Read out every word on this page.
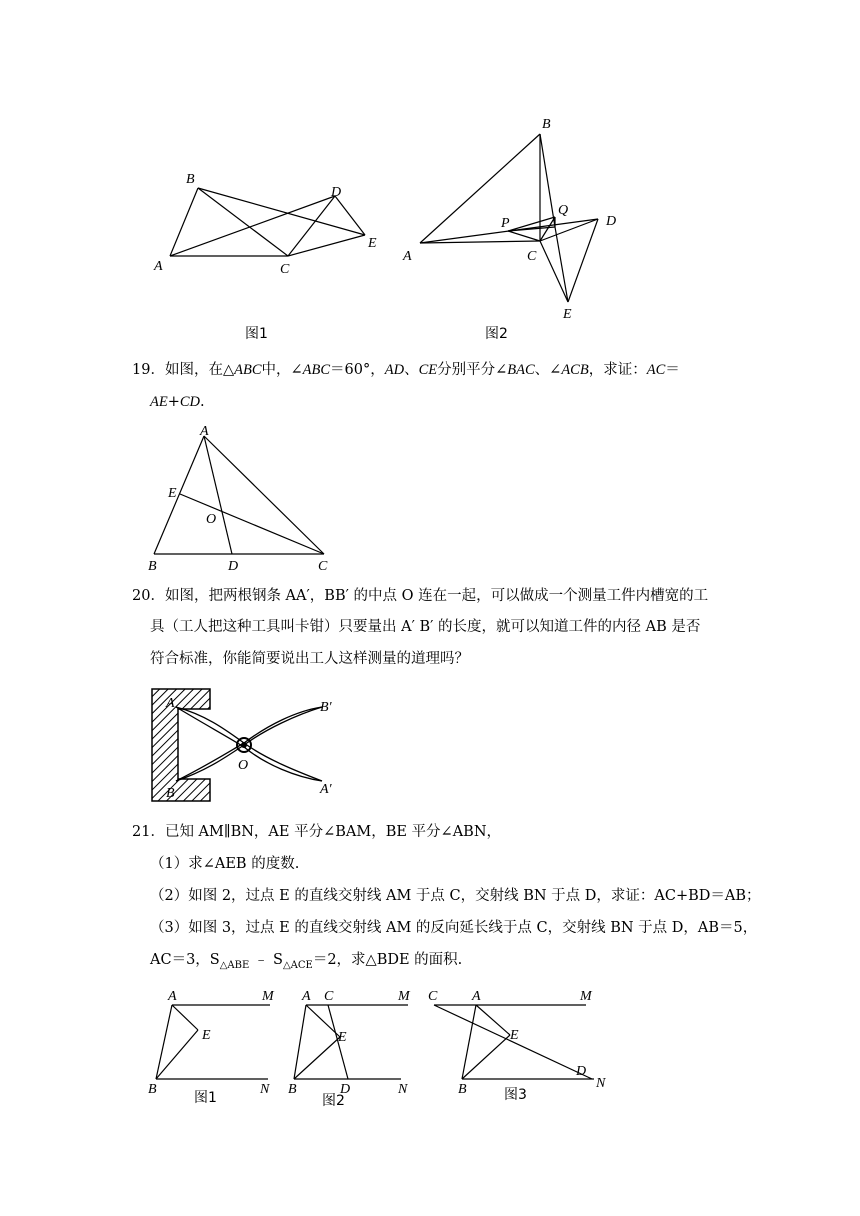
B
A	C
D
E
图1
B
A
P
Q
D
C
E
图2
19．如图，在△ABC中，∠ABC＝60°，AD、CE分别平分∠BAC、∠ACB，求证：AC＝
AE+CD.
A
E
O
B	D	C
20．如图，把两根钢条 AA′，BB′ 的中点 O 连在一起，可以做成一个测量工件内槽宽的工
具（工人把这种工具叫卡钳）只要量出 A′ B′ 的长度，就可以知道工件的内径 AB 是否
符合标准，你能简要说出工人这样测量的道理吗？
A
B
O
B′
A′
21．已知 AM∥BN，AE 平分∠BAM，BE 平分∠ABN，
（1）求∠AEB 的度数.
（2）如图 2，过点 E 的直线交射线 AM 于点 C，交射线 BN 于点 D，求证：AC+BD＝AB；
（3）如图 3，过点 E 的直线交射线 AM 的反向延长线于点 C，交射线 BN 于点 D，AB＝5，
AC＝3，$S_{\triangle ABE}$ ﹣ $S_{\triangle ACE}=2$，求△BDE 的面积.
A	M
E
B	N
图1
A C	M
E
B	D	N
图2
C A	M
E
B
D
N
图3
